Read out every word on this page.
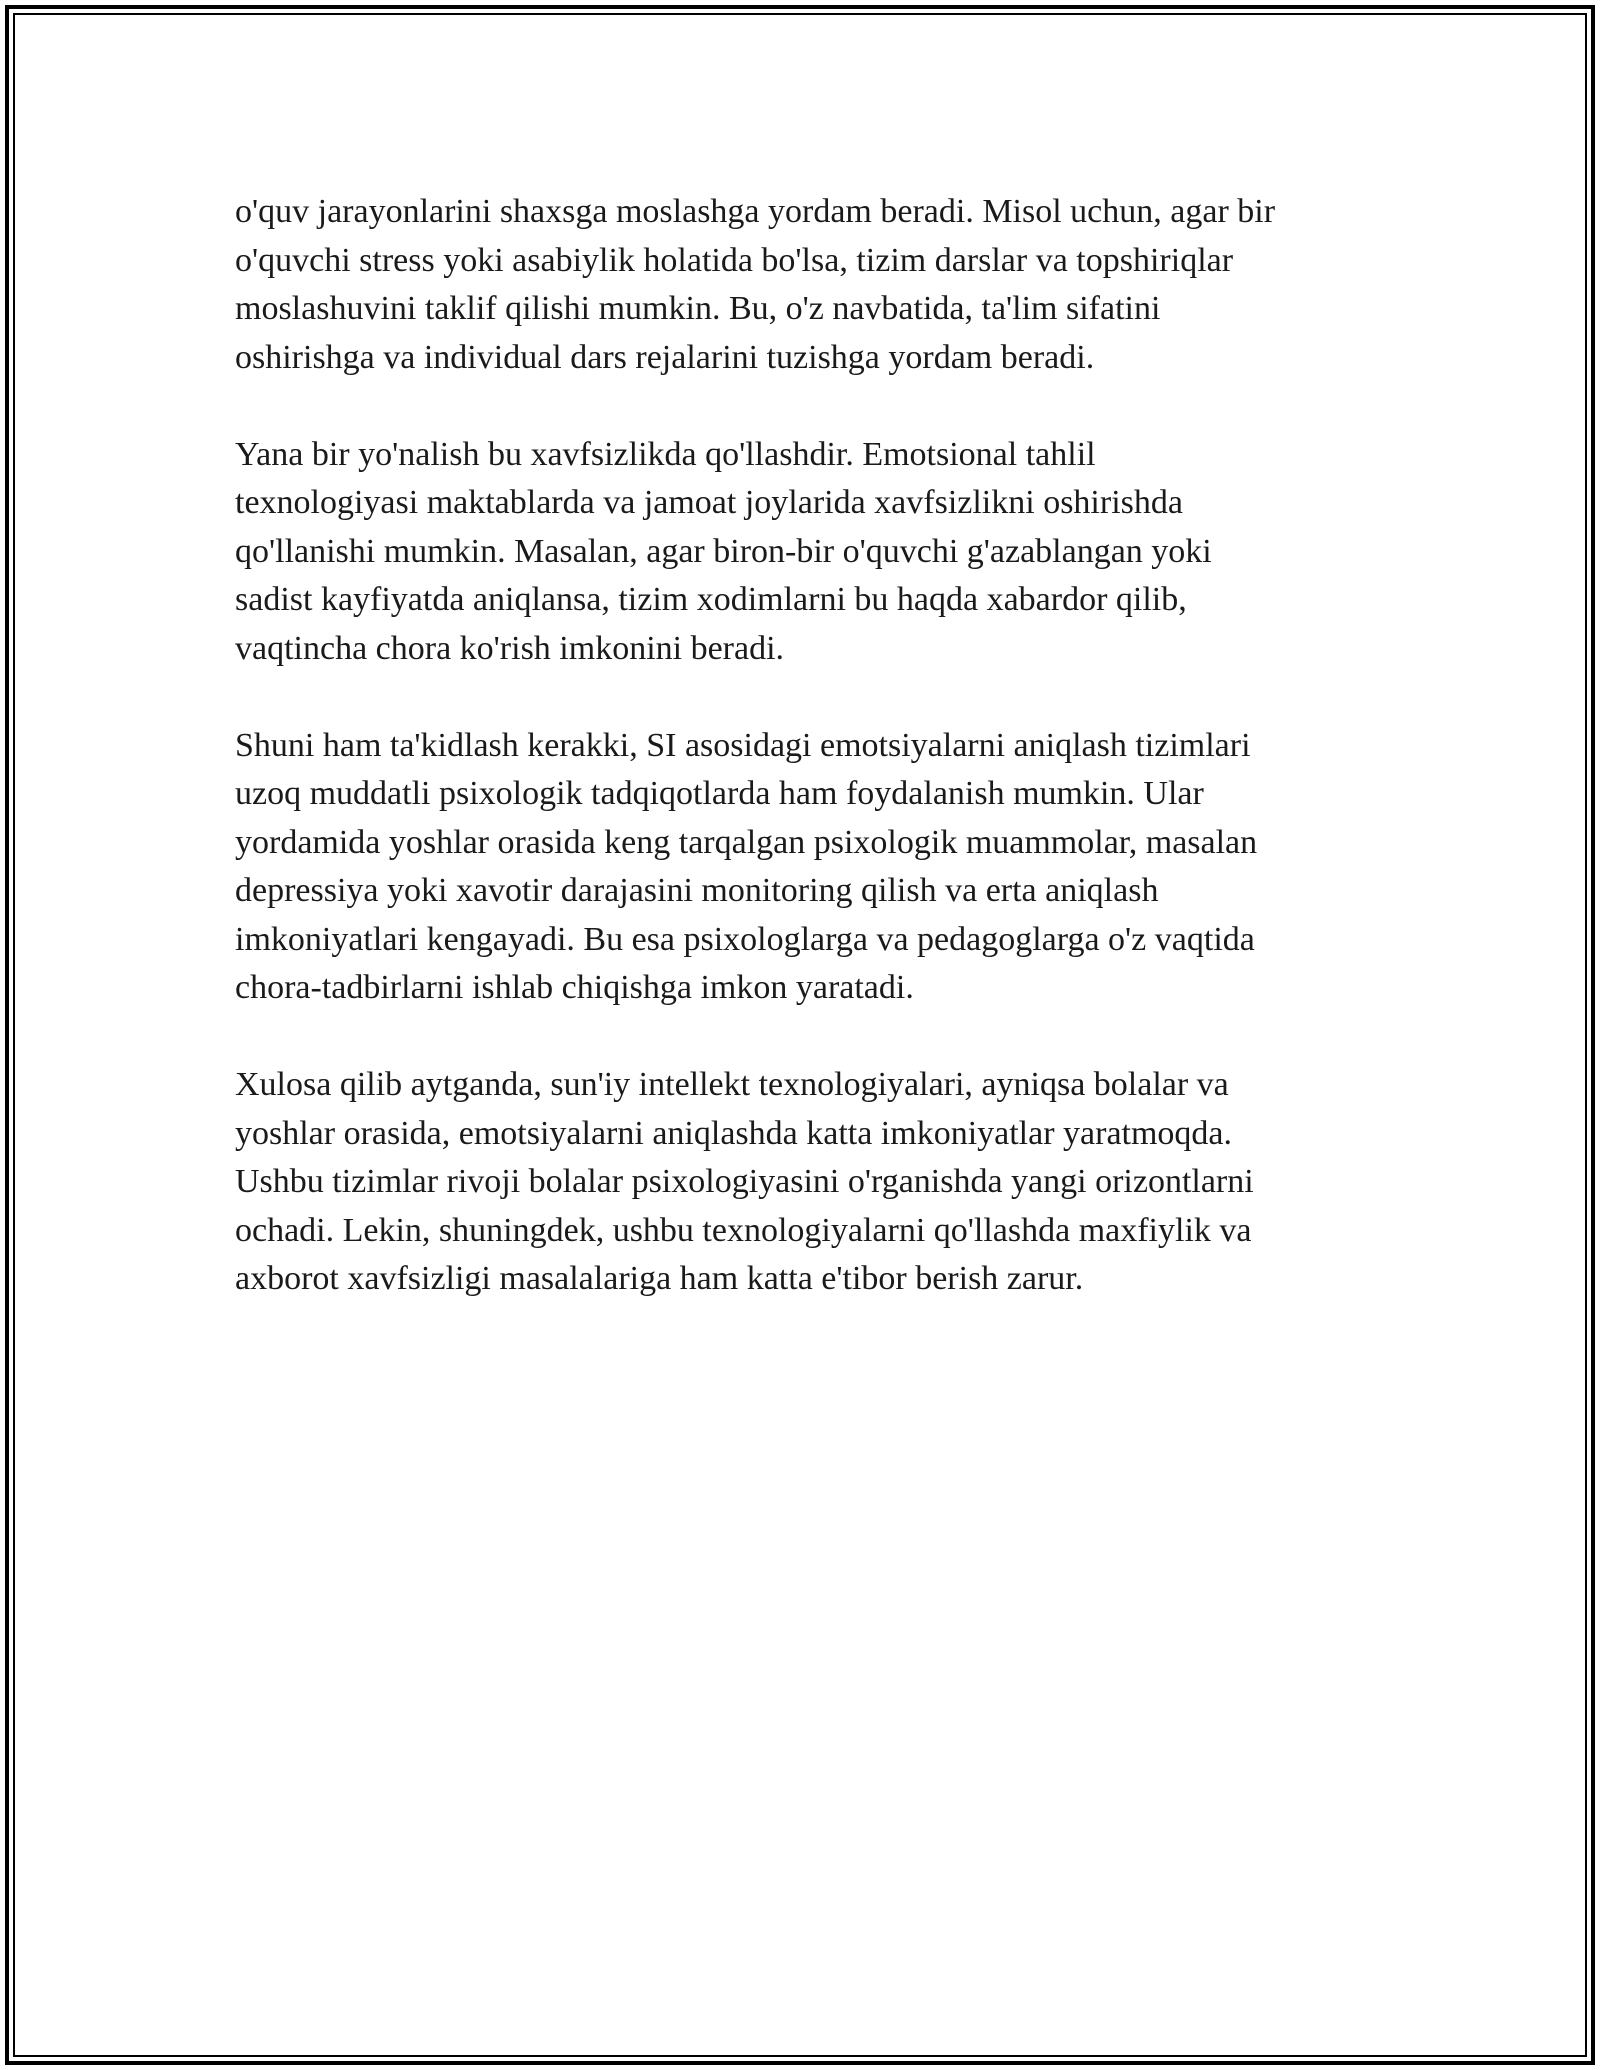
o'quv jarayonlarini shaxsga moslashga yordam beradi. Misol uchun, agar bir
o'quvchi stress yoki asabiylik holatida bo'lsa, tizim darslar va topshiriqlar
moslashuvini taklif qilishi mumkin. Bu, o'z navbatida, ta'lim sifatini
oshirishga va individual dars rejalarini tuzishga yordam beradi.

Yana bir yo'nalish bu xavfsizlikda qo'llashdir. Emotsional tahlil
texnologiyasi maktablarda va jamoat joylarida xavfsizlikni oshirishda
qo'llanishi mumkin. Masalan, agar biron-bir o'quvchi g'azablangan yoki
sadist kayfiyatda aniqlansa, tizim xodimlarni bu haqda xabardor qilib,
vaqtincha chora ko'rish imkonini beradi.

Shuni ham ta'kidlash kerakki, SI asosidagi emotsiyalarni aniqlash tizimlari
uzoq muddatli psixologik tadqiqotlarda ham foydalanish mumkin. Ular
yordamida yoshlar orasida keng tarqalgan psixologik muammolar, masalan
depressiya yoki xavotir darajasini monitoring qilish va erta aniqlash
imkoniyatlari kengayadi. Bu esa psixologlarga va pedagoglarga o'z vaqtida
chora-tadbirlarni ishlab chiqishga imkon yaratadi.

Xulosa qilib aytganda, sun'iy intellekt texnologiyalari, ayniqsa bolalar va
yoshlar orasida, emotsiyalarni aniqlashda katta imkoniyatlar yaratmoqda.
Ushbu tizimlar rivoji bolalar psixologiyasini o'rganishda yangi orizontlarni
ochadi. Lekin, shuningdek, ushbu texnologiyalarni qo'llashda maxfiylik va
axborot xavfsizligi masalalariga ham katta e'tibor berish zarur.
